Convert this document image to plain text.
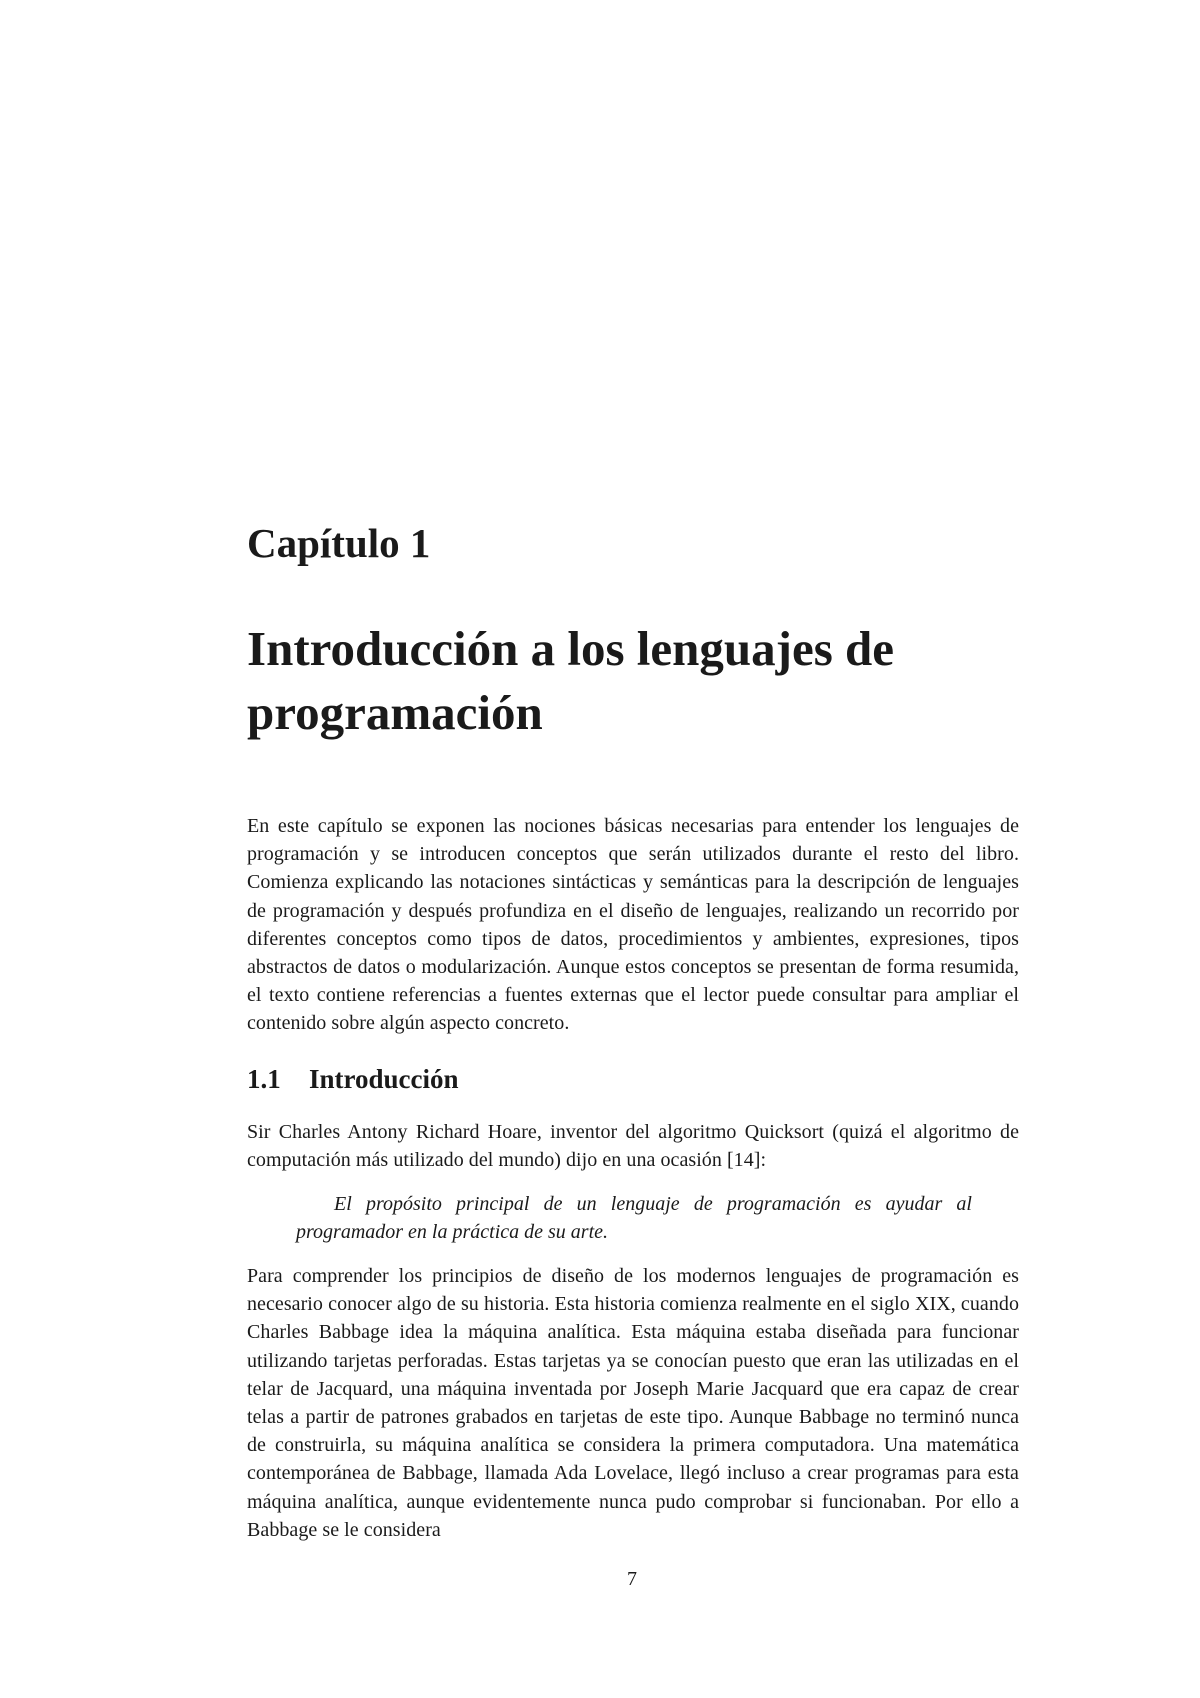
Capítulo 1
Introducción a los lenguajes de programación

En este capítulo se exponen las nociones básicas necesarias para entender los lenguajes de programación y se introducen conceptos que serán utilizados durante el resto del libro. Comienza explicando las notaciones sintácticas y semánticas para la descripción de lenguajes de programación y después profundiza en el diseño de lenguajes, realizando un recorrido por diferentes conceptos como tipos de datos, procedimientos y ambientes, expresiones, tipos abstractos de datos o modularización. Aunque estos conceptos se presentan de forma resumida, el texto contiene referencias a fuentes externas que el lector puede consultar para ampliar el contenido sobre algún aspecto concreto.

1.1 Introducción

Sir Charles Antony Richard Hoare, inventor del algoritmo Quicksort (quizá el algoritmo de computación más utilizado del mundo) dijo en una ocasión [14]:

El propósito principal de un lenguaje de programación es ayudar al programador en la práctica de su arte.

Para comprender los principios de diseño de los modernos lenguajes de programación es necesario conocer algo de su historia. Esta historia comienza realmente en el siglo XIX, cuando Charles Babbage idea la máquina analítica. Esta máquina estaba diseñada para funcionar utilizando tarjetas perforadas. Estas tarjetas ya se conocían puesto que eran las utilizadas en el telar de Jacquard, una máquina inventada por Joseph Marie Jacquard que era capaz de crear telas a partir de patrones grabados en tarjetas de este tipo. Aunque Babbage no terminó nunca de construirla, su máquina analítica se considera la primera computadora. Una matemática contemporánea de Babbage, llamada Ada Lovelace, llegó incluso a crear programas para esta máquina analítica, aunque evidentemente nunca pudo comprobar si funcionaban. Por ello a Babbage se le considera

7
